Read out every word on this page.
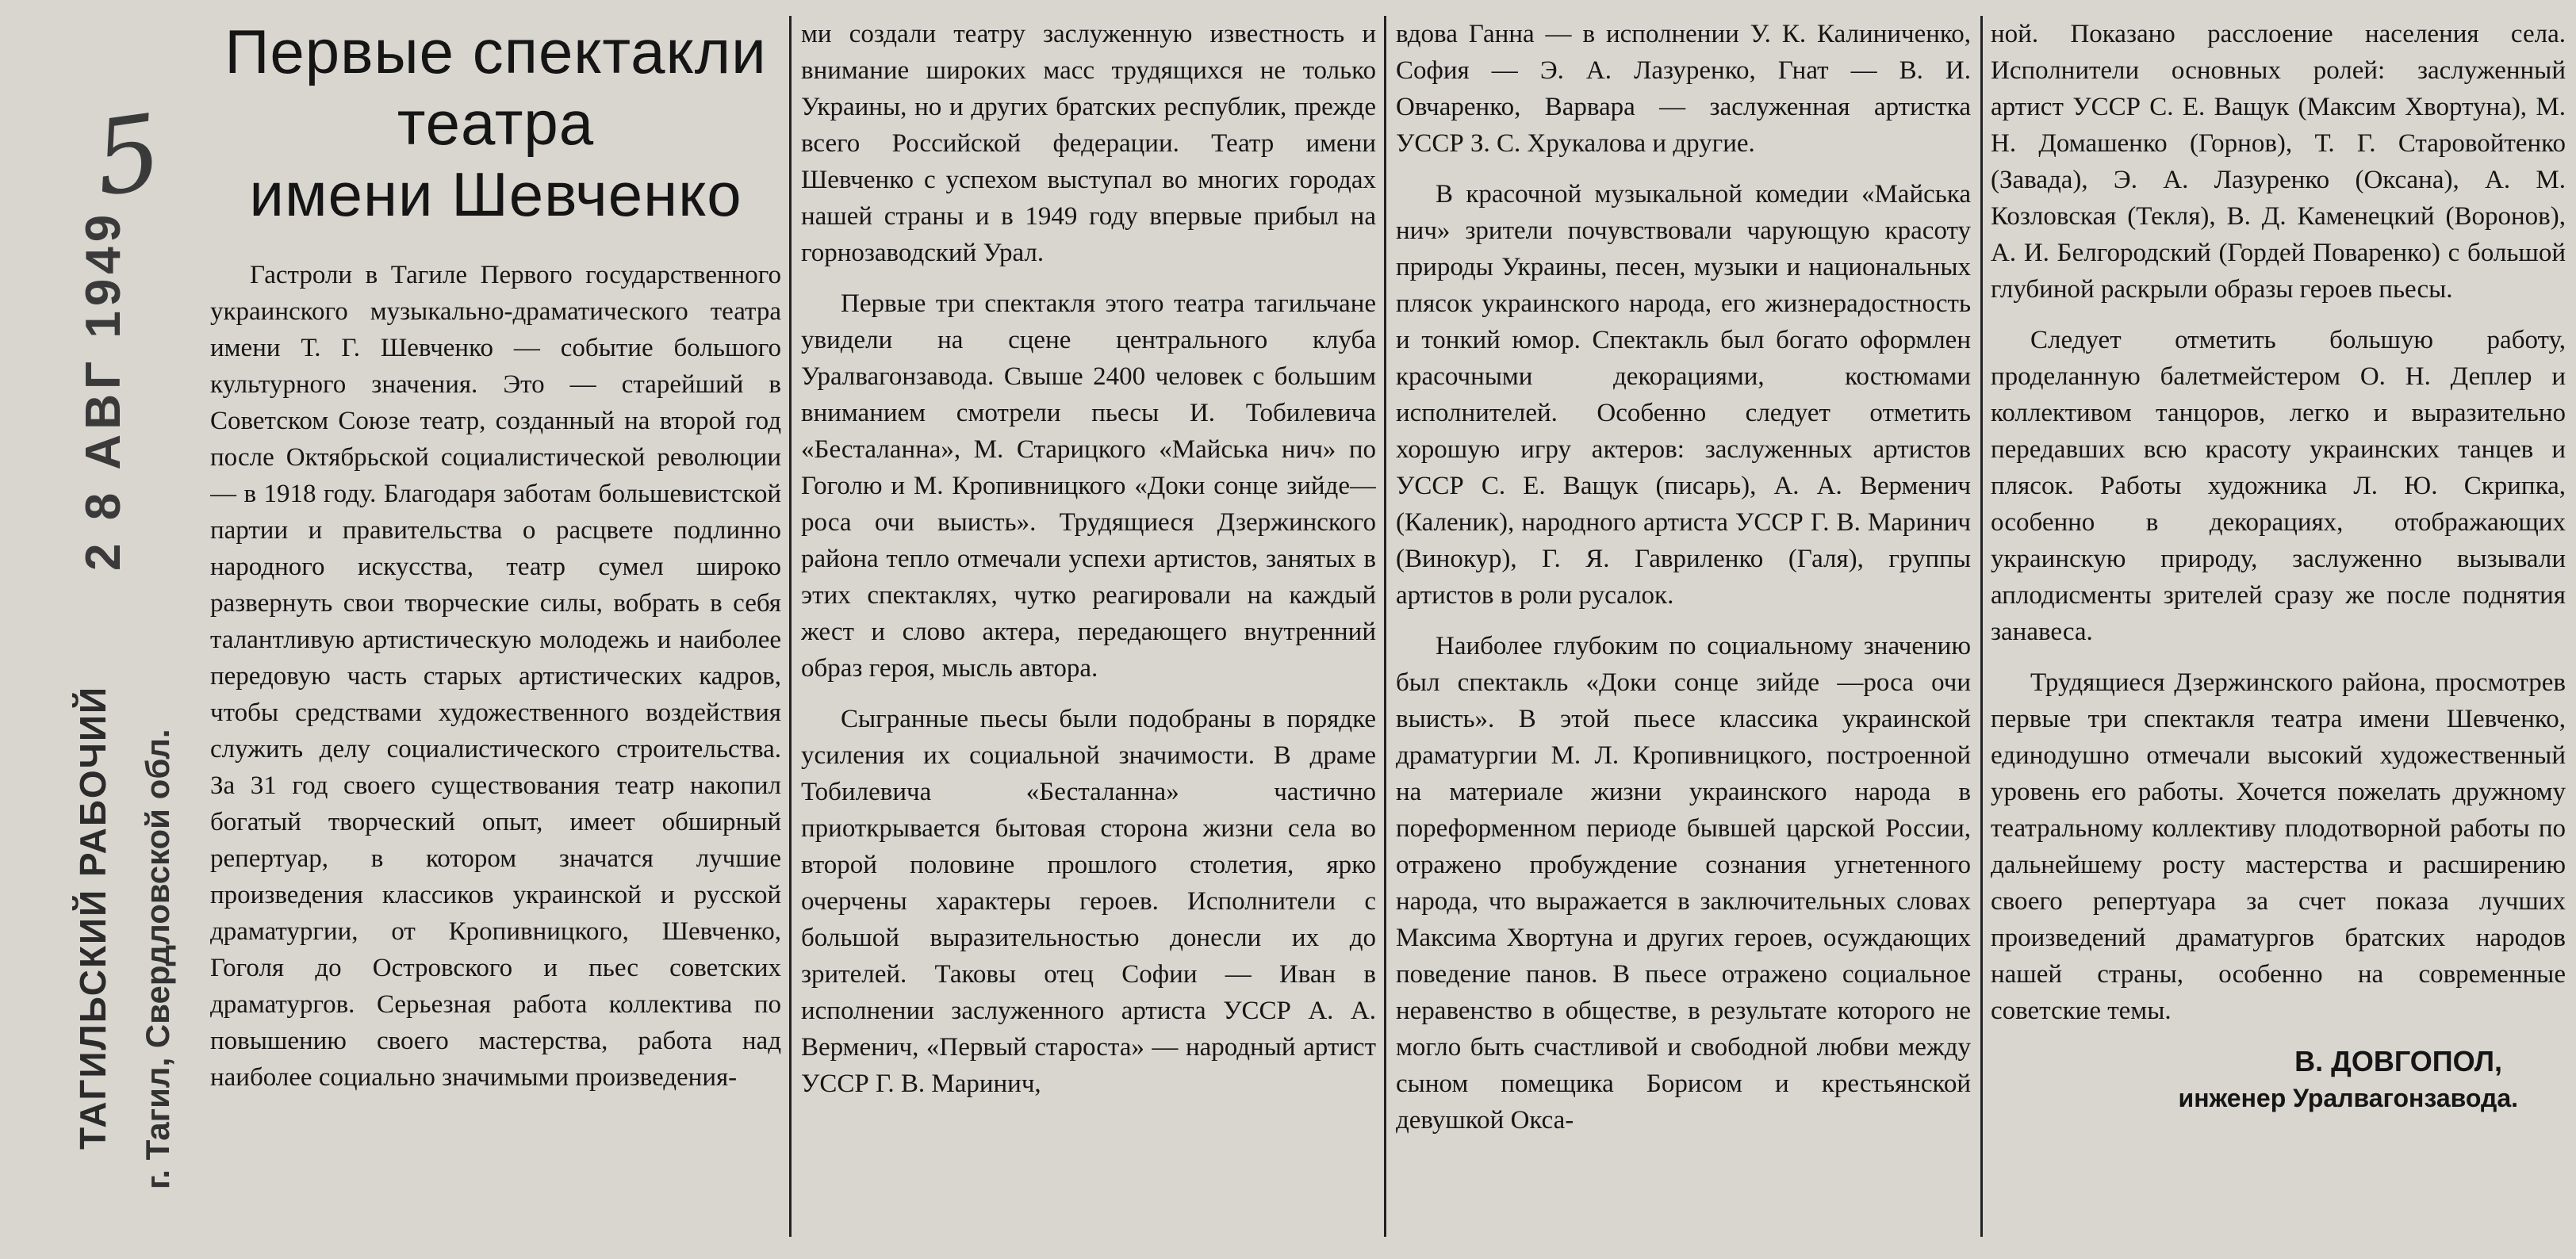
5
2 8 АВГ 1949
ТАГИЛЬСКИЙ РАБОЧИЙ г. Тагил, Свердловской обл.
Первые спектакли
театра
имени Шевченко

Гастроли в Тагиле Первого государственного украинского музыкально-драматического театра имени Т. Г. Шевченко — событие большого культурного значения. Это — старейший в Советском Союзе театр, созданный на второй год после Октябрьской социалистической революции — в 1918 году. Благодаря заботам большевистской партии и правительства о расцвете подлинно народного искусства, театр сумел широко развернуть свои творческие силы, вобрать в себя талантливую артистическую молодежь и наиболее передовую часть старых артистических кадров, чтобы средствами художественного воздействия служить делу социалистического строительства. За 31 год своего существования театр накопил богатый творческий опыт, имеет обширный репертуар, в котором значатся лучшие произведения классиков украинской и русской драматургии, от Кропивницкого, Шевченко, Гоголя до Островского и пьес советских драматургов. Серьезная работа коллектива по повышению своего мастерства, работа над наиболее социально значимыми произведения-

ми создали театру заслуженную известность и внимание широких масс трудящихся не только Украины, но и других братских республик, прежде всего Российской федерации. Театр имени Шевченко с успехом выступал во многих городах нашей страны и в 1949 году впервые прибыл на горнозаводский Урал.

Первые три спектакля этого театра тагильчане увидели на сцене центрального клуба Уралвагонзавода. Свыше 2400 человек с большим вниманием смотрели пьесы И. Тобилевича «Бесталанна», М. Старицкого «Майська нич» по Гоголю и М. Кропивницкого «Доки сонце зийде—роса очи выисть». Трудящиеся Дзержинского района тепло отмечали успехи артистов, занятых в этих спектаклях, чутко реагировали на каждый жест и слово актера, передающего внутренний образ героя, мысль автора.

Сыгранные пьесы были подобраны в порядке усиления их социальной значимости. В драме Тобилевича «Бесталанна» частично приоткрывается бытовая сторона жизни села во второй половине прошлого столетия, ярко очерчены характеры героев. Исполнители с большой выразительностью донесли их до зрителей. Таковы отец Софии — Иван в исполнении заслуженного артиста УССР А. А. Верменич, «Первый староста» — народный артист УССР Г. В. Маринич,

вдова Ганна — в исполнении У. К. Калиниченко, София — Э. А. Лазуренко, Гнат — В. И. Овчаренко, Варвара — заслуженная артистка УССР З. С. Хрукалова и другие.

В красочной музыкальной комедии «Майська нич» зрители почувствовали чарующую красоту природы Украины, песен, музыки и национальных плясок украинского народа, его жизнерадостность и тонкий юмор. Спектакль был богато оформлен красочными декорациями, костюмами исполнителей. Особенно следует отметить хорошую игру актеров: заслуженных артистов УССР С. Е. Ващук (писарь), А. А. Верменич (Каленик), народного артиста УССР Г. В. Маринич (Винокур), Г. Я. Гавриленко (Галя), группы артистов в роли русалок.

Наиболее глубоким по социальному значению был спектакль «Доки сонце зийде —роса очи выисть». В этой пьесе классика украинской драматургии М. Л. Кропивницкого, построенной на материале жизни украинского народа в пореформенном периоде бывшей царской России, отражено пробуждение сознания угнетенного народа, что выражается в заключительных словах Максима Хвортуна и других героев, осуждающих поведение панов. В пьесе отражено социальное неравенство в обществе, в результате которого не могло быть счастливой и свободной любви между сыном помещика Борисом и крестьянской девушкой Окса-

ной. Показано расслоение населения села. Исполнители основных ролей: заслуженный артист УССР С. Е. Ващук (Максим Хвортуна), М. Н. Домашенко (Горнов), Т. Г. Старовойтенко (Завада), Э. А. Лазуренко (Оксана), А. М. Козловская (Текля), В. Д. Каменецкий (Воронов), А. И. Белгородский (Гордей Поваренко) с большой глубиной раскрыли образы героев пьесы.

Следует отметить большую работу, проделанную балетмейстером О. Н. Деплер и коллективом танцоров, легко и выразительно передавших всю красоту украинских танцев и плясок. Работы художника Л. Ю. Скрипка, особенно в декорациях, отображающих украинскую природу, заслуженно вызывали аплодисменты зрителей сразу же после поднятия занавеса.

Трудящиеся Дзержинского района, просмотрев первые три спектакля театра имени Шевченко, единодушно отмечали высокий художественный уровень его работы. Хочется пожелать дружному театральному коллективу плодотворной работы по дальнейшему росту мастерства и расширению своего репертуара за счет показа лучших произведений драматургов братских народов нашей страны, особенно на современные советские темы.

В. ДОВГОПОЛ,
инженер Уралвагонзавода.
